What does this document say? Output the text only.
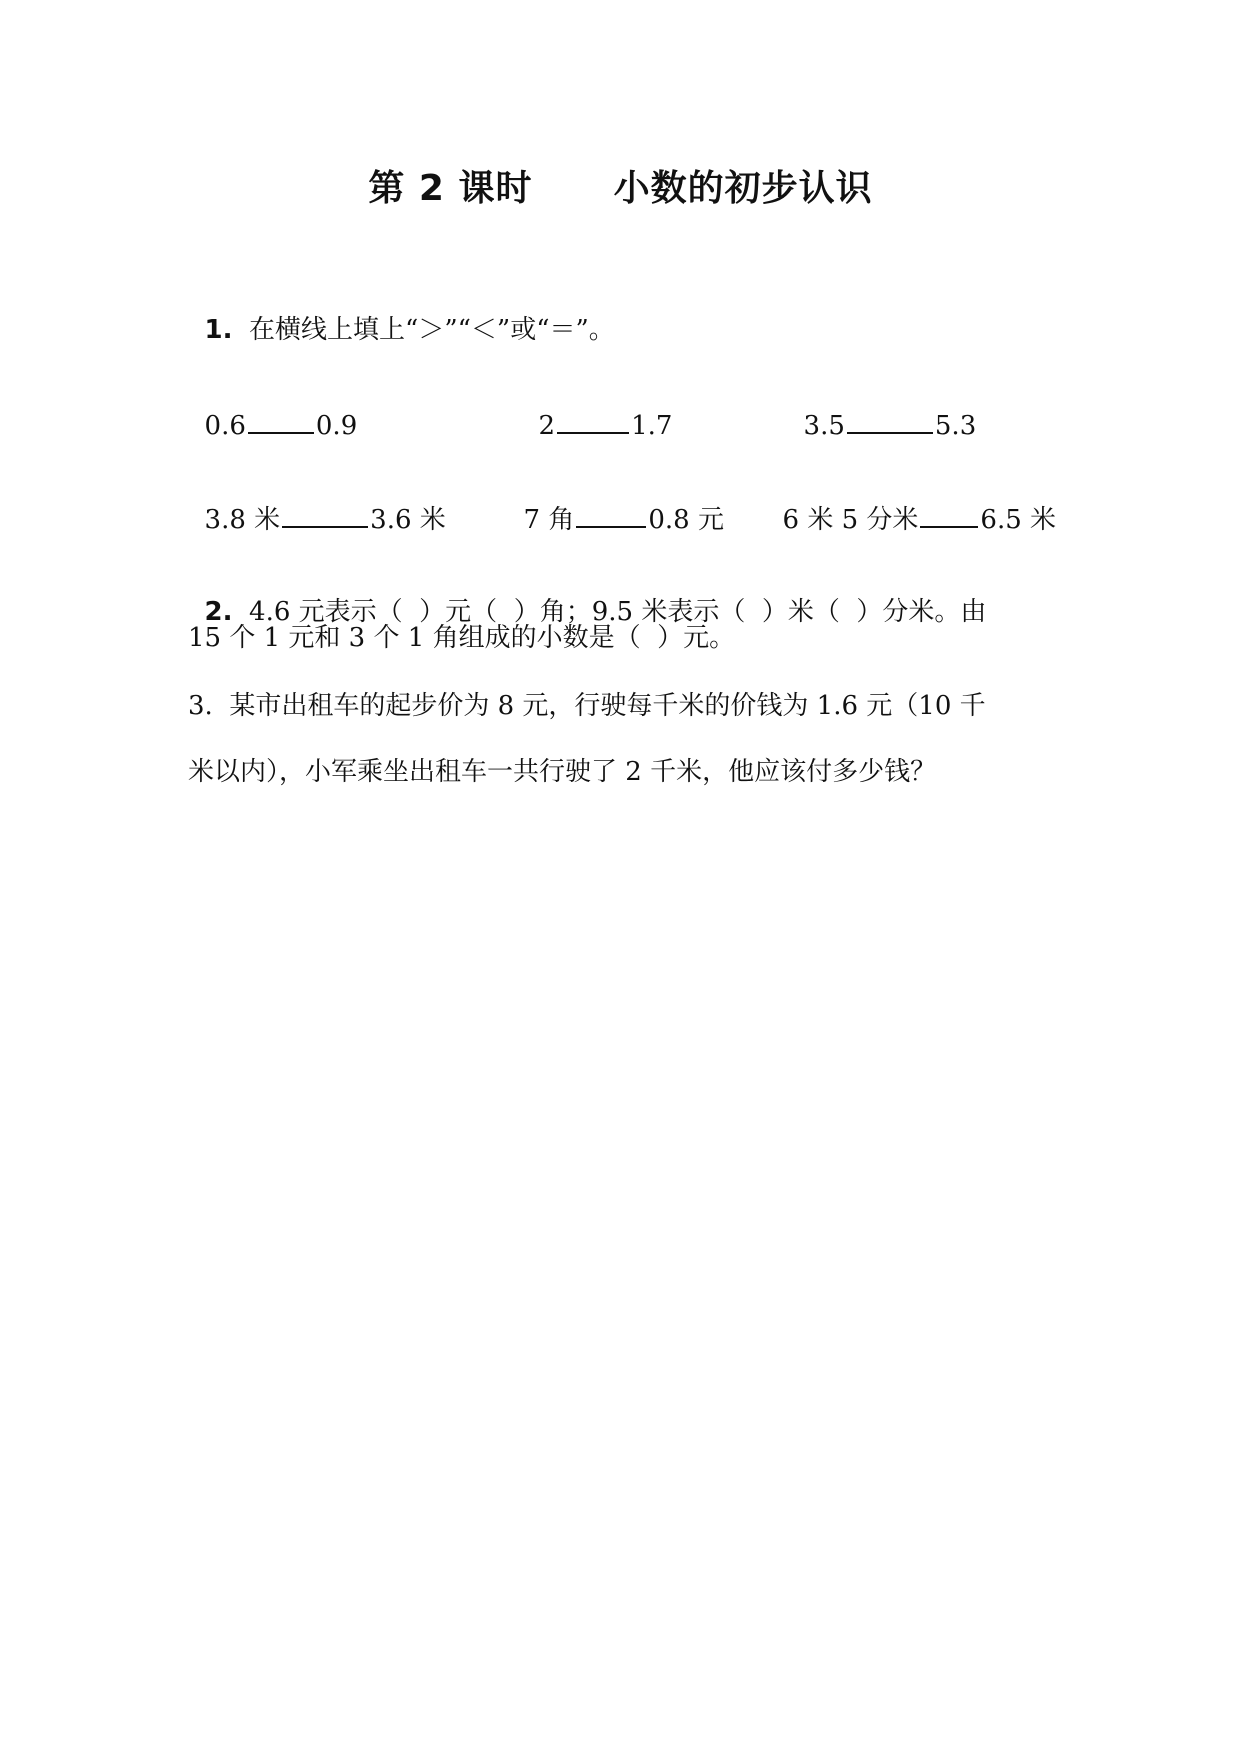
第 2 课时      小数的初步认识

1. 在横线上填上“＞”“＜”或“＝”。

0.6	0.9	2	1.7	3.5	5.3

3.8 米	3.6 米	7 角	0.8 元	6 米 5 分米 6.5 米

2. 4.6 元表示（  ）元（  ）角；9.5 米表示（  ）米（  ）分米。由

15 个 1 元和 3 个 1 角组成的小数是（  ）元。
3.  某市出租车的起步价为 8 元，行驶每千米的价钱为 1.6 元（10 千
米以内），小军乘坐出租车一共行驶了 2 千米，他应该付多少钱？
